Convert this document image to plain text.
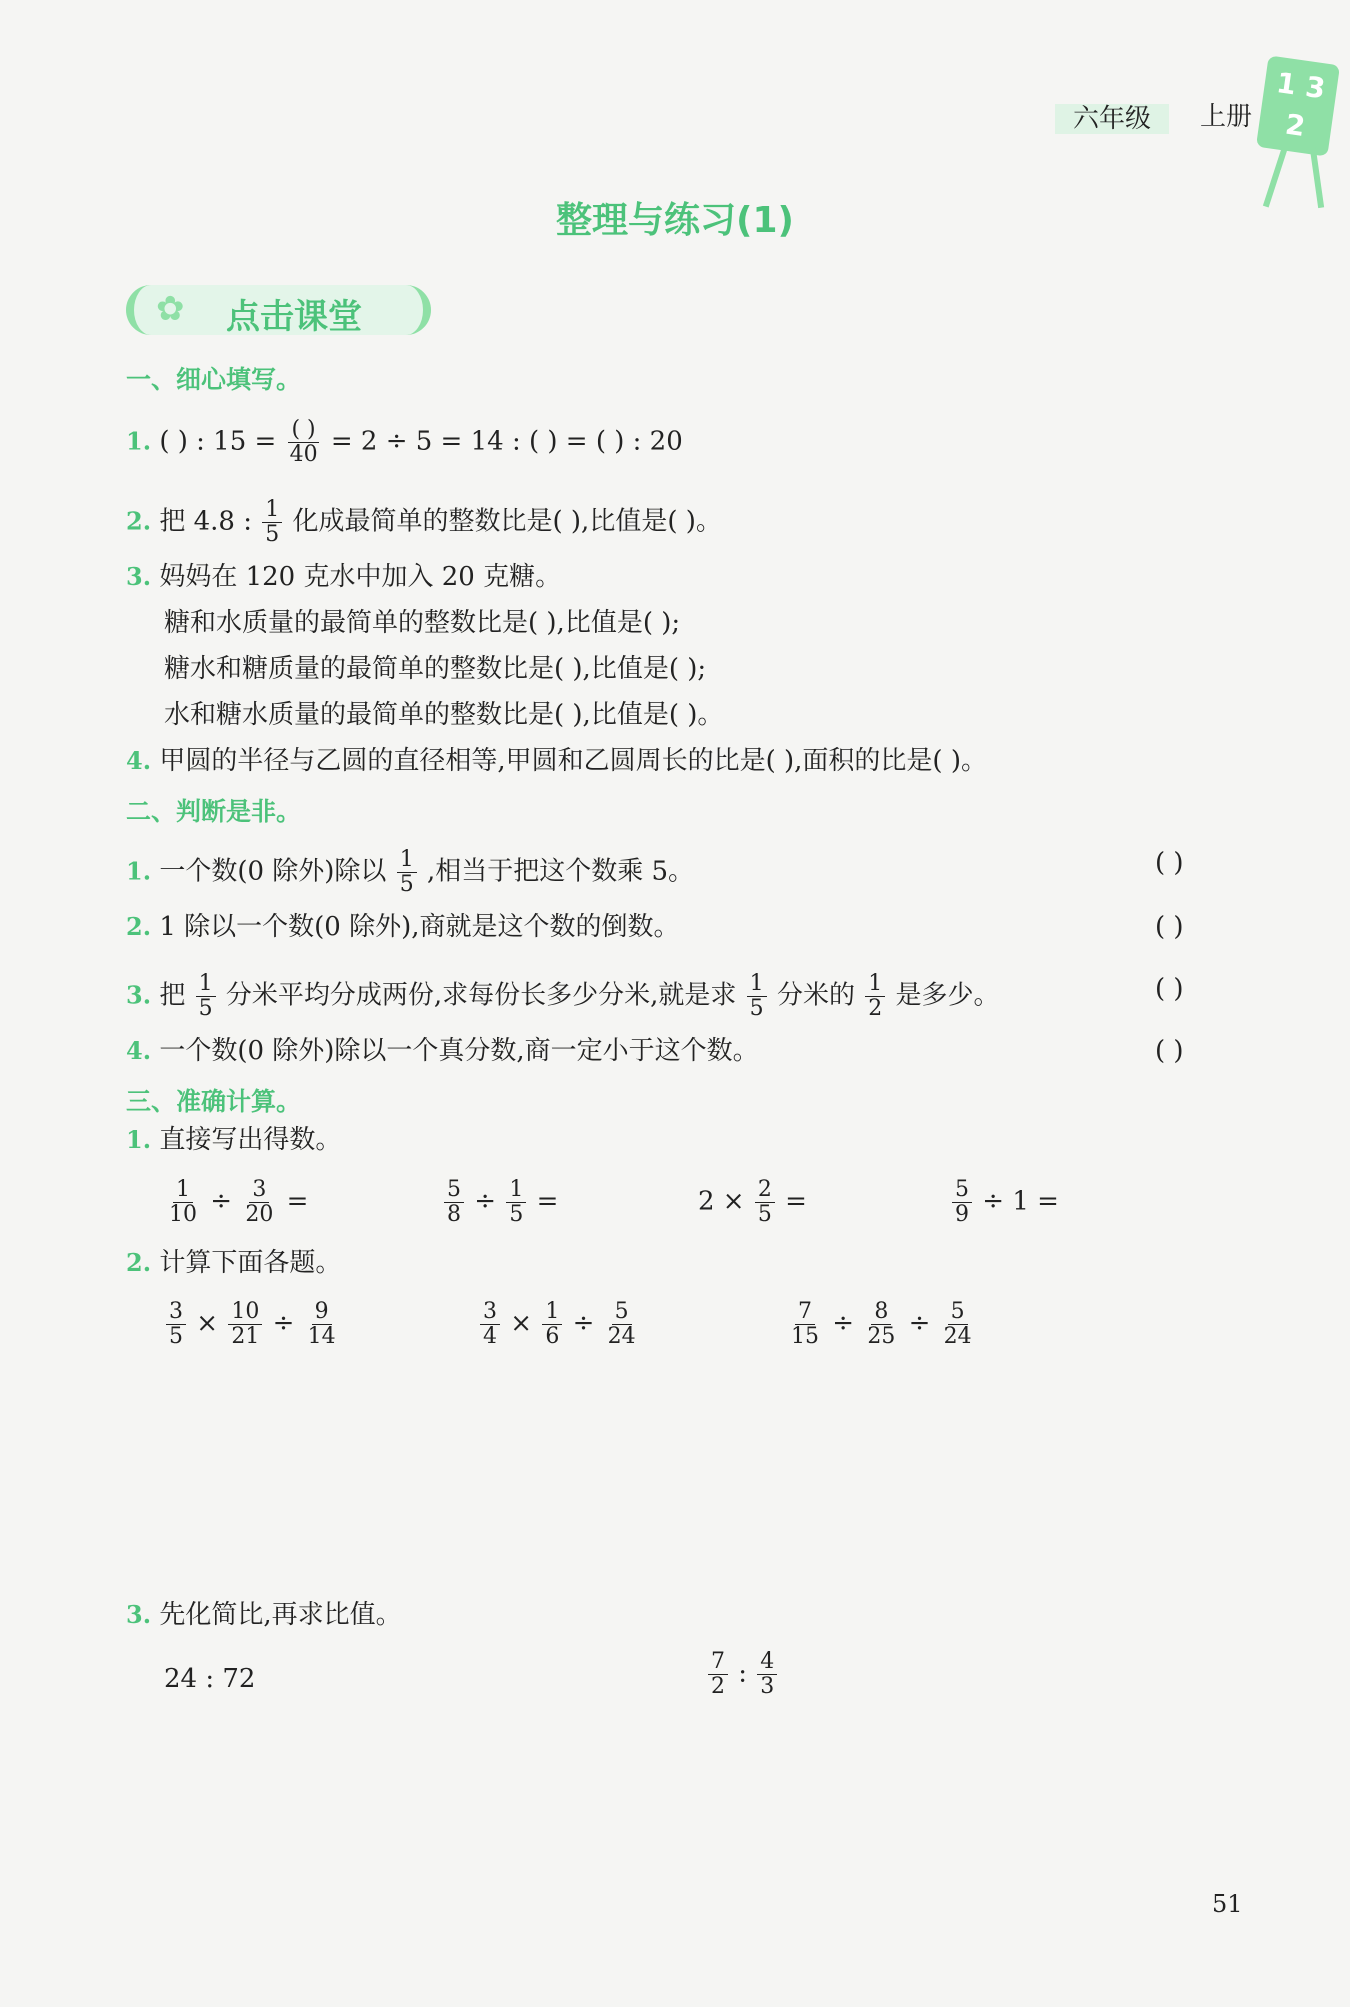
六年级	上册
1 3 2
整理与练习(1)
✿ 点击课堂
一、细心填写。
1. ( ) : $15 = \frac{( )}{40} = 2 \div 5 = 14$ : ( ) = ( ) : 20
2. 把 4.8 : $\frac{1}{5}$ 化成最简单的整数比是( ),比值是( )。
3. 妈妈在 120 克水中加入 20 克糖。
糖和水质量的最简单的整数比是( ),比值是( );
糖水和糖质量的最简单的整数比是( ),比值是( );
水和糖水质量的最简单的整数比是( ),比值是( )。
4. 甲圆的半径与乙圆的直径相等,甲圆和乙圆周长的比是( ),面积的比是( )。
二、判断是非。
1. 一个数(0 除外)除以 $\frac{1}{5}$ ,相当于把这个数乘 5。	( )
2. 1 除以一个数(0 除外),商就是这个数的倒数。	( )
3. 把 $\frac{1}{5}$ 分米平均分成两份,求每份长多少分米,就是求 $\frac{1}{5}$ 分米的 $\frac{1}{2}$ 是多少。	( )
4. 一个数(0 除外)除以一个真分数,商一定小于这个数。	( )
三、准确计算。
1. 直接写出得数。
$\frac{1}{10} \div \frac{3}{20}$ =	$\frac{5}{8} \div \frac{1}{5}$ =	$2 \times \frac{2}{5}$ =	$\frac{5}{9} \div 1$ =
2. 计算下面各题。
$\frac{3}{5} \times \frac{10}{21} \div \frac{9}{14}$	$\frac{3}{4} \times \frac{1}{6} \div \frac{5}{24}$	$\frac{7}{15} \div \frac{8}{25} \div \frac{5}{24}$
3. 先化简比,再求比值。
24 : 72	$\frac{7}{2}$ : $\frac{4}{3}$
51
